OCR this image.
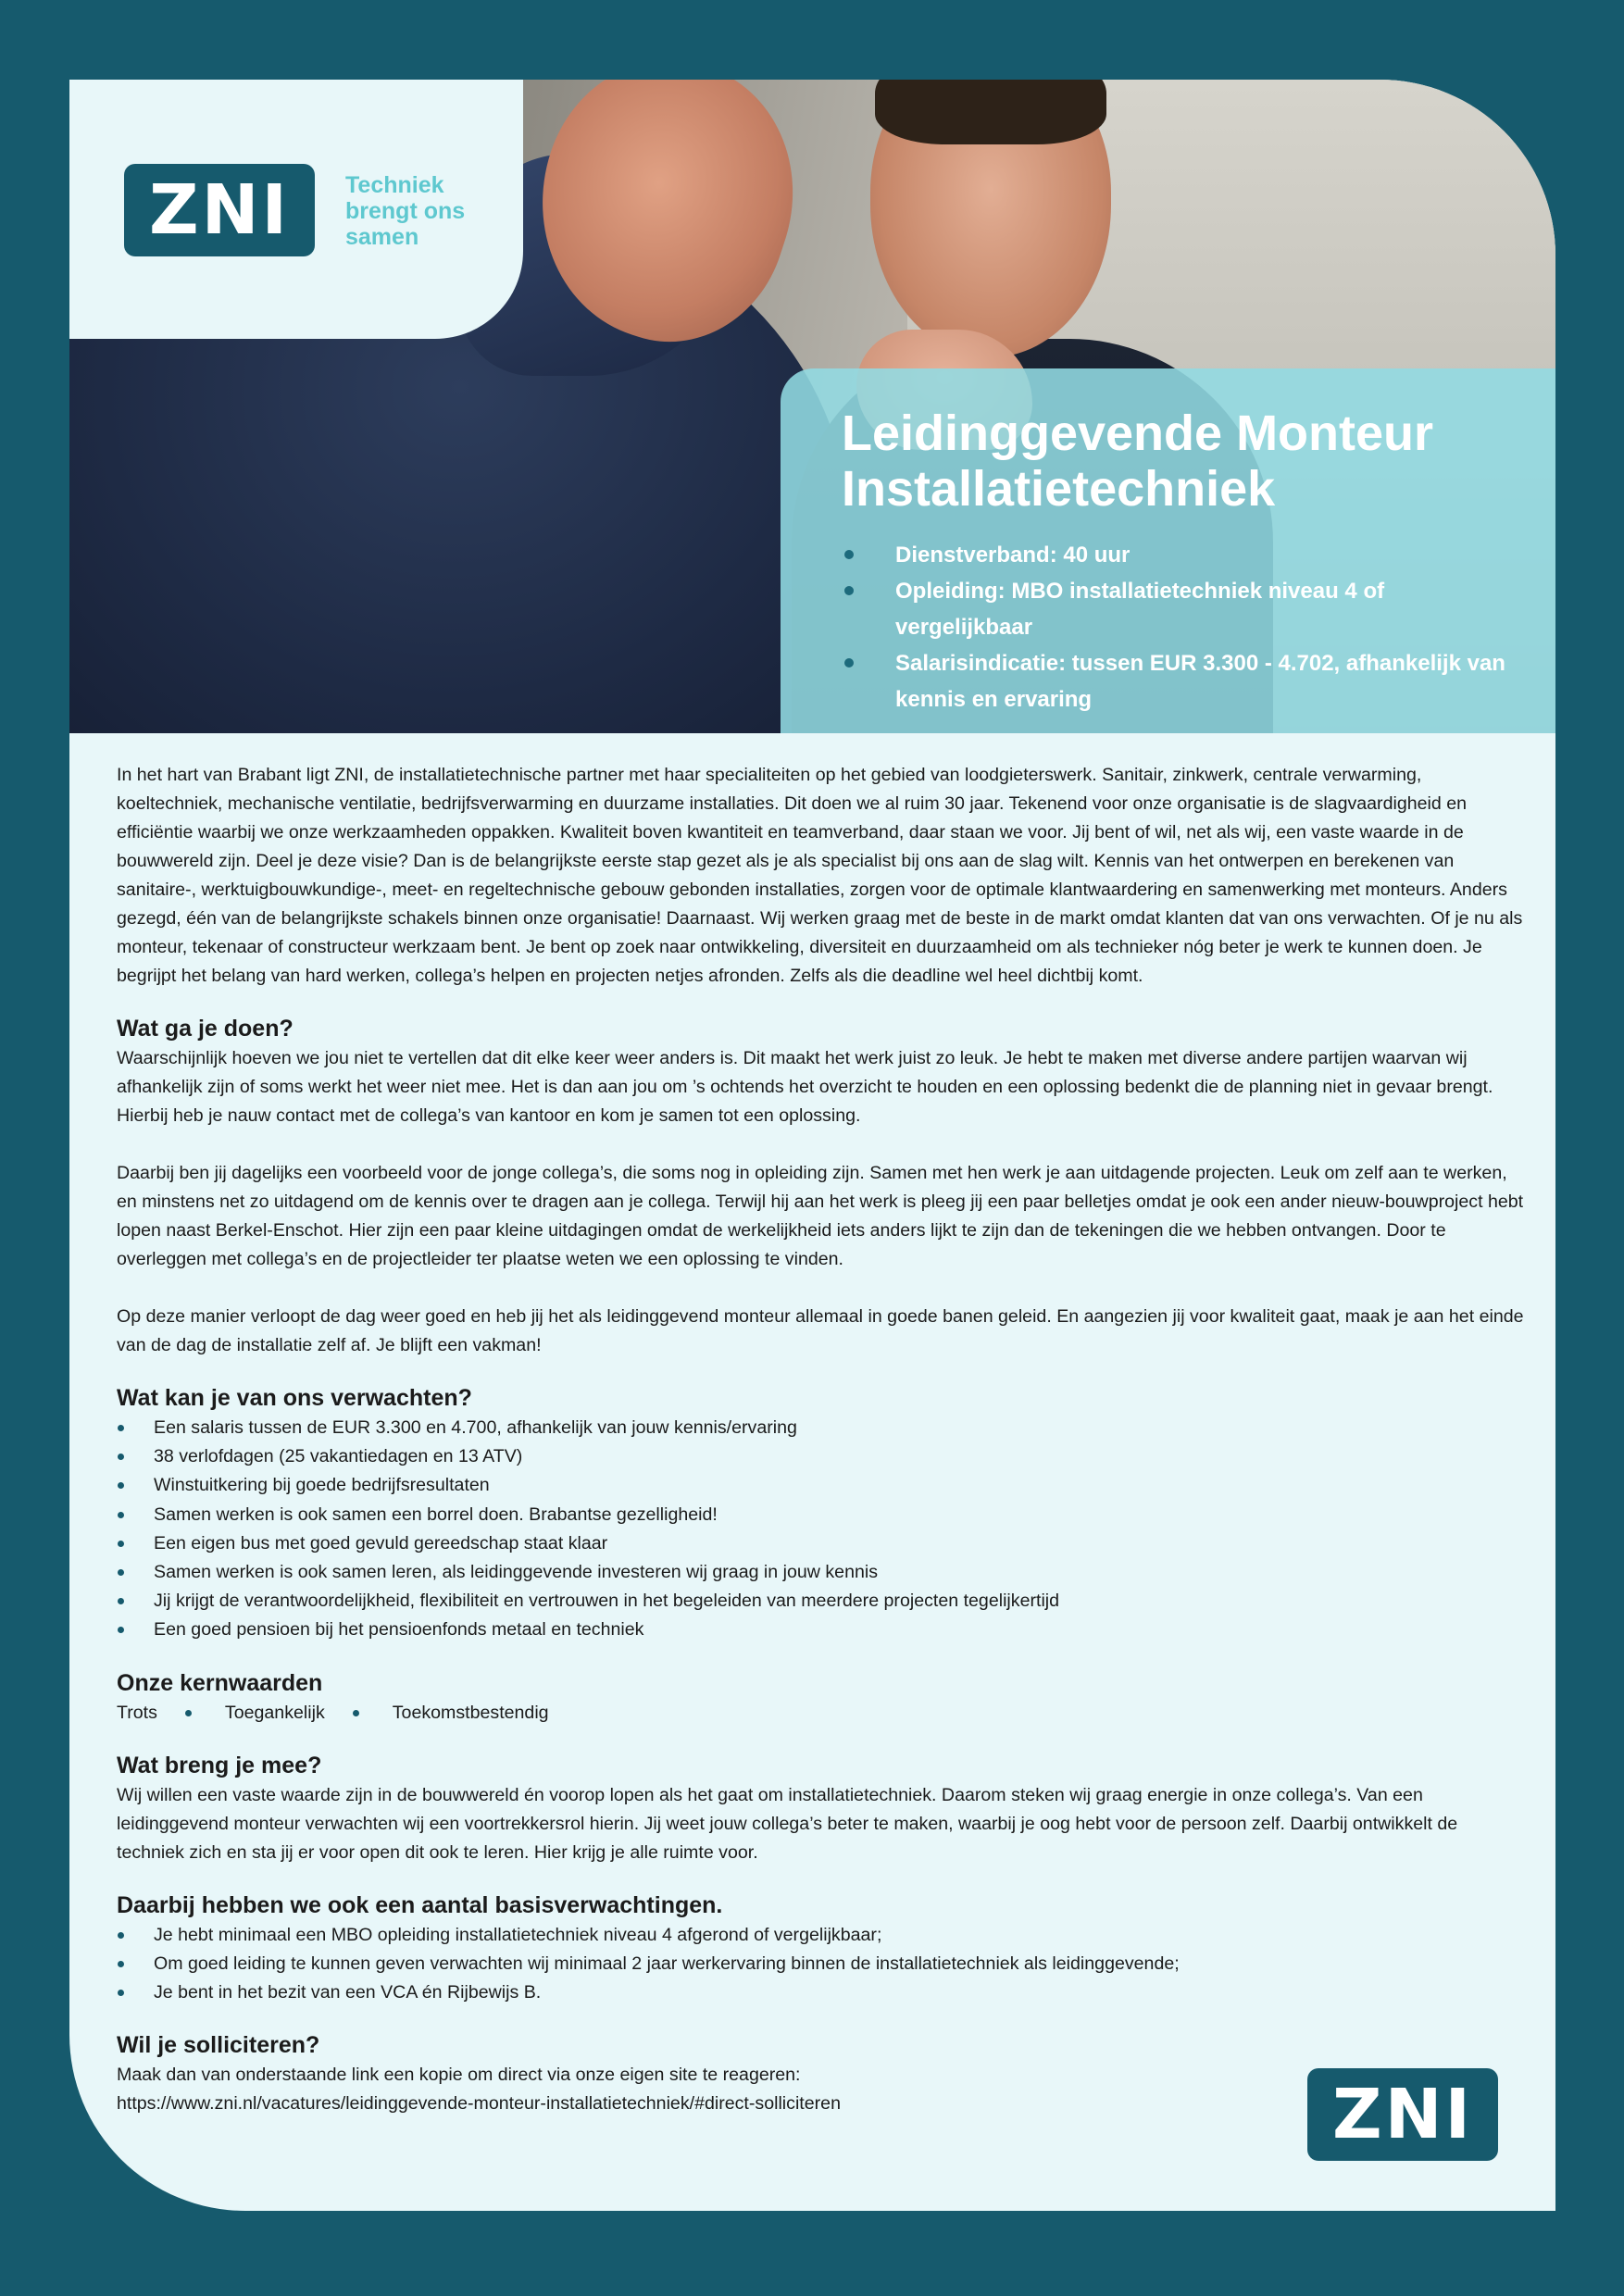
ZNI Techniek brengt ons samen
Leidinggevende Monteur Installatietechniek
Dienstverband: 40 uur
Opleiding: MBO installatietechniek niveau 4 of vergelijkbaar
Salarisindicatie: tussen EUR 3.300 - 4.702, afhankelijk van kennis en ervaring

In het hart van Brabant ligt ZNI, de installatietechnische partner met haar specialiteiten op het gebied van loodgieterswerk. Sanitair, zinkwerk, centrale verwarming, koeltechniek, mechanische ventilatie, bedrijfsverwarming en duurzame installaties. Dit doen we al ruim 30 jaar. Tekenend voor onze organisatie is de slagvaardigheid en efficiëntie waarbij we onze werkzaamheden oppakken. Kwaliteit boven kwantiteit en teamverband, daar staan we voor. Jij bent of wil, net als wij, een vaste waarde in de bouwwereld zijn. Deel je deze visie? Dan is de belangrijkste eerste stap gezet als je als specialist bij ons aan de slag wilt. Kennis van het ontwerpen en berekenen van sanitaire-, werktuigbouwkundige-, meet- en regeltechnische gebouw gebonden installaties, zorgen voor de optimale klantwaardering en samenwerking met monteurs. Anders gezegd, één van de belangrijkste schakels binnen onze organisatie! Daarnaast. Wij werken graag met de beste in de markt omdat klanten dat van ons verwachten. Of je nu als monteur, tekenaar of constructeur werkzaam bent. Je bent op zoek naar ontwikkeling, diversiteit en duurzaamheid om als technieker nóg beter je werk te kunnen doen. Je begrijpt het belang van hard werken, collega’s helpen en projecten netjes afronden. Zelfs als die deadline wel heel dichtbij komt.

Wat ga je doen?

Waarschijnlijk hoeven we jou niet te vertellen dat dit elke keer weer anders is. Dit maakt het werk juist zo leuk. Je hebt te maken met diverse andere partijen waarvan wij afhankelijk zijn of soms werkt het weer niet mee. Het is dan aan jou om ’s ochtends het overzicht te houden en een oplossing bedenkt die de planning niet in gevaar brengt. Hierbij heb je nauw contact met de collega’s van kantoor en kom je samen tot een oplossing.

Daarbij ben jij dagelijks een voorbeeld voor de jonge collega’s, die soms nog in opleiding zijn. Samen met hen werk je aan uitdagende projecten. Leuk om zelf aan te werken, en minstens net zo uitdagend om de kennis over te dragen aan je collega. Terwijl hij aan het werk is pleeg jij een paar belletjes omdat je ook een ander nieuw-bouwproject hebt lopen naast Berkel-Enschot. Hier zijn een paar kleine uitdagingen omdat de werkelijkheid iets anders lijkt te zijn dan de tekeningen die we hebben ontvangen. Door te overleggen met collega’s en de projectleider ter plaatse weten we een oplossing te vinden.

Op deze manier verloopt de dag weer goed en heb jij het als leidinggevend monteur allemaal in goede banen geleid. En aangezien jij voor kwaliteit gaat, maak je aan het einde van de dag de installatie zelf af. Je blijft een vakman!

Wat kan je van ons verwachten?
Een salaris tussen de EUR 3.300 en 4.700, afhankelijk van jouw kennis/ervaring
38 verlofdagen (25 vakantiedagen en 13 ATV)
Winstuitkering bij goede bedrijfsresultaten
Samen werken is ook samen een borrel doen. Brabantse gezelligheid!
Een eigen bus met goed gevuld gereedschap staat klaar
Samen werken is ook samen leren, als leidinggevende investeren wij graag in jouw kennis
Jij krijgt de verantwoordelijkheid, flexibiliteit en vertrouwen in het begeleiden van meerdere projecten tegelijkertijd
Een goed pensioen bij het pensioenfonds metaal en techniek
Onze kernwaarden
Trots	Toegankelijk	Toekomstbestendig
Wat breng je mee?

Wij willen een vaste waarde zijn in de bouwwereld én voorop lopen als het gaat om installatietechniek. Daarom steken wij graag energie in onze collega’s. Van een leidinggevend monteur verwachten wij een voortrekkersrol hierin. Jij weet jouw collega’s beter te maken, waarbij je oog hebt voor de persoon zelf. Daarbij ontwikkelt de techniek zich en sta jij er voor open dit ook te leren. Hier krijg je alle ruimte voor.

Daarbij hebben we ook een aantal basisverwachtingen.
Je hebt minimaal een MBO opleiding installatietechniek niveau 4 afgerond of vergelijkbaar;
Om goed leiding te kunnen geven verwachten wij minimaal 2 jaar werkervaring binnen de installatietechniek als leidinggevende;
Je bent in het bezit van een VCA én Rijbewijs B.
Wil je solliciteren?

Maak dan van onderstaande link een kopie om direct via onze eigen site te reageren:

https://www.zni.nl/vacatures/leidinggevende-monteur-installatietechniek/#direct-solliciteren	ZNI
